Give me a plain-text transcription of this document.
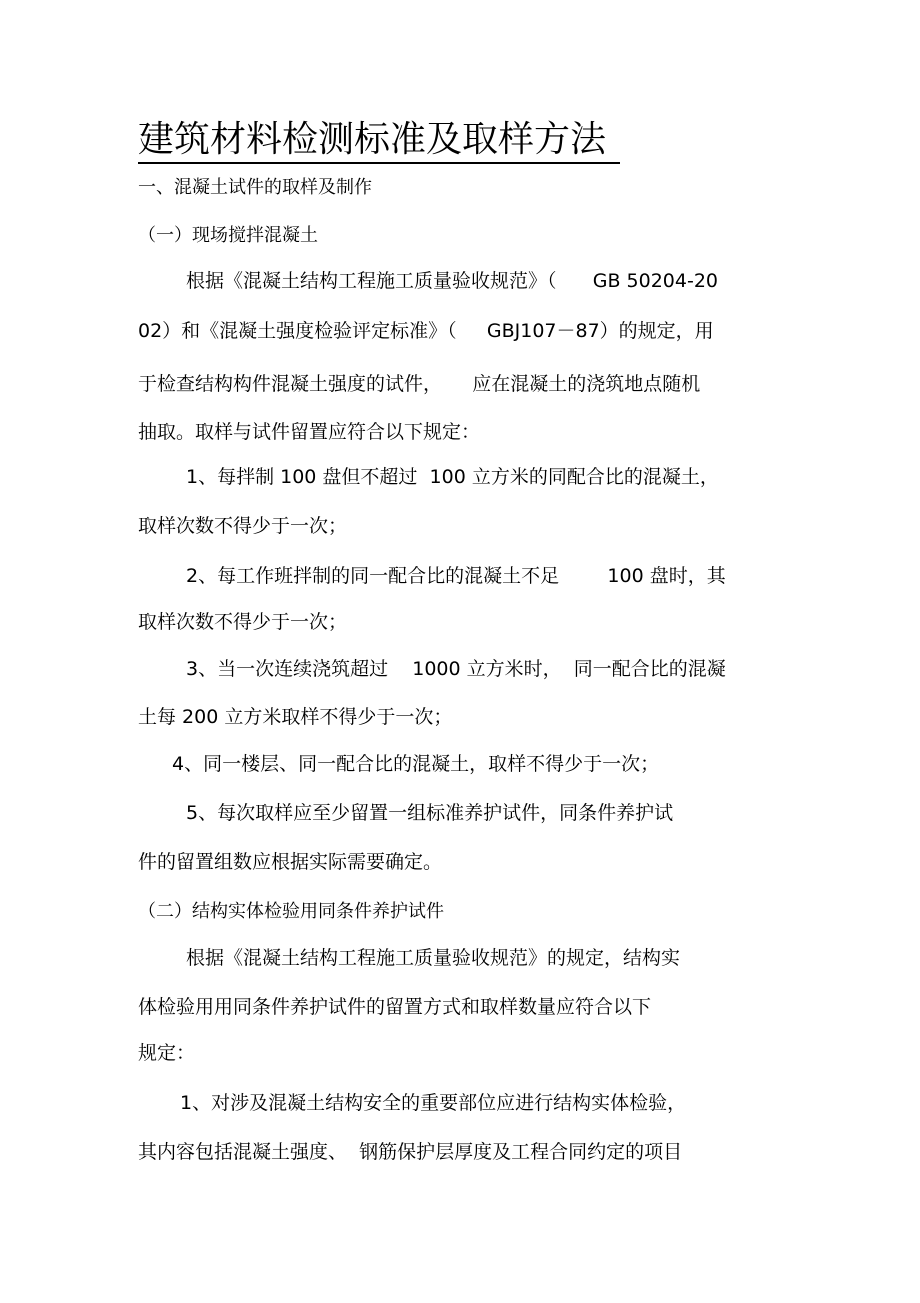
建筑材料检测标准及取样方法
一、混凝土试件的取样及制作
（一）现场搅拌混凝土
根据《混凝土结构工程施工质量验收规范》（      GB 50204-20
02）和《混凝土强度检验评定标准》（     GBJ107－87）的规定，用
于检查结构构件混凝土强度的试件，     应在混凝土的浇筑地点随机
抽取。取样与试件留置应符合以下规定：
1、每拌制 100 盘但不超过  100 立方米的同配合比的混凝土，
取样次数不得少于一次；
2、每工作班拌制的同一配合比的混凝土不足        100 盘时，其
取样次数不得少于一次；
3、当一次连续浇筑超过    1000 立方米时，  同一配合比的混凝
土每 200 立方米取样不得少于一次；
4、同一楼层、同一配合比的混凝土，取样不得少于一次；
5、每次取样应至少留置一组标准养护试件，同条件养护试
件的留置组数应根据实际需要确定。
（二）结构实体检验用同条件养护试件
根据《混凝土结构工程施工质量验收规范》的规定，结构实
体检验用用同条件养护试件的留置方式和取样数量应符合以下
规定：
1、对涉及混凝土结构安全的重要部位应进行结构实体检验，
其内容包括混凝土强度、  钢筋保护层厚度及工程合同约定的项目
